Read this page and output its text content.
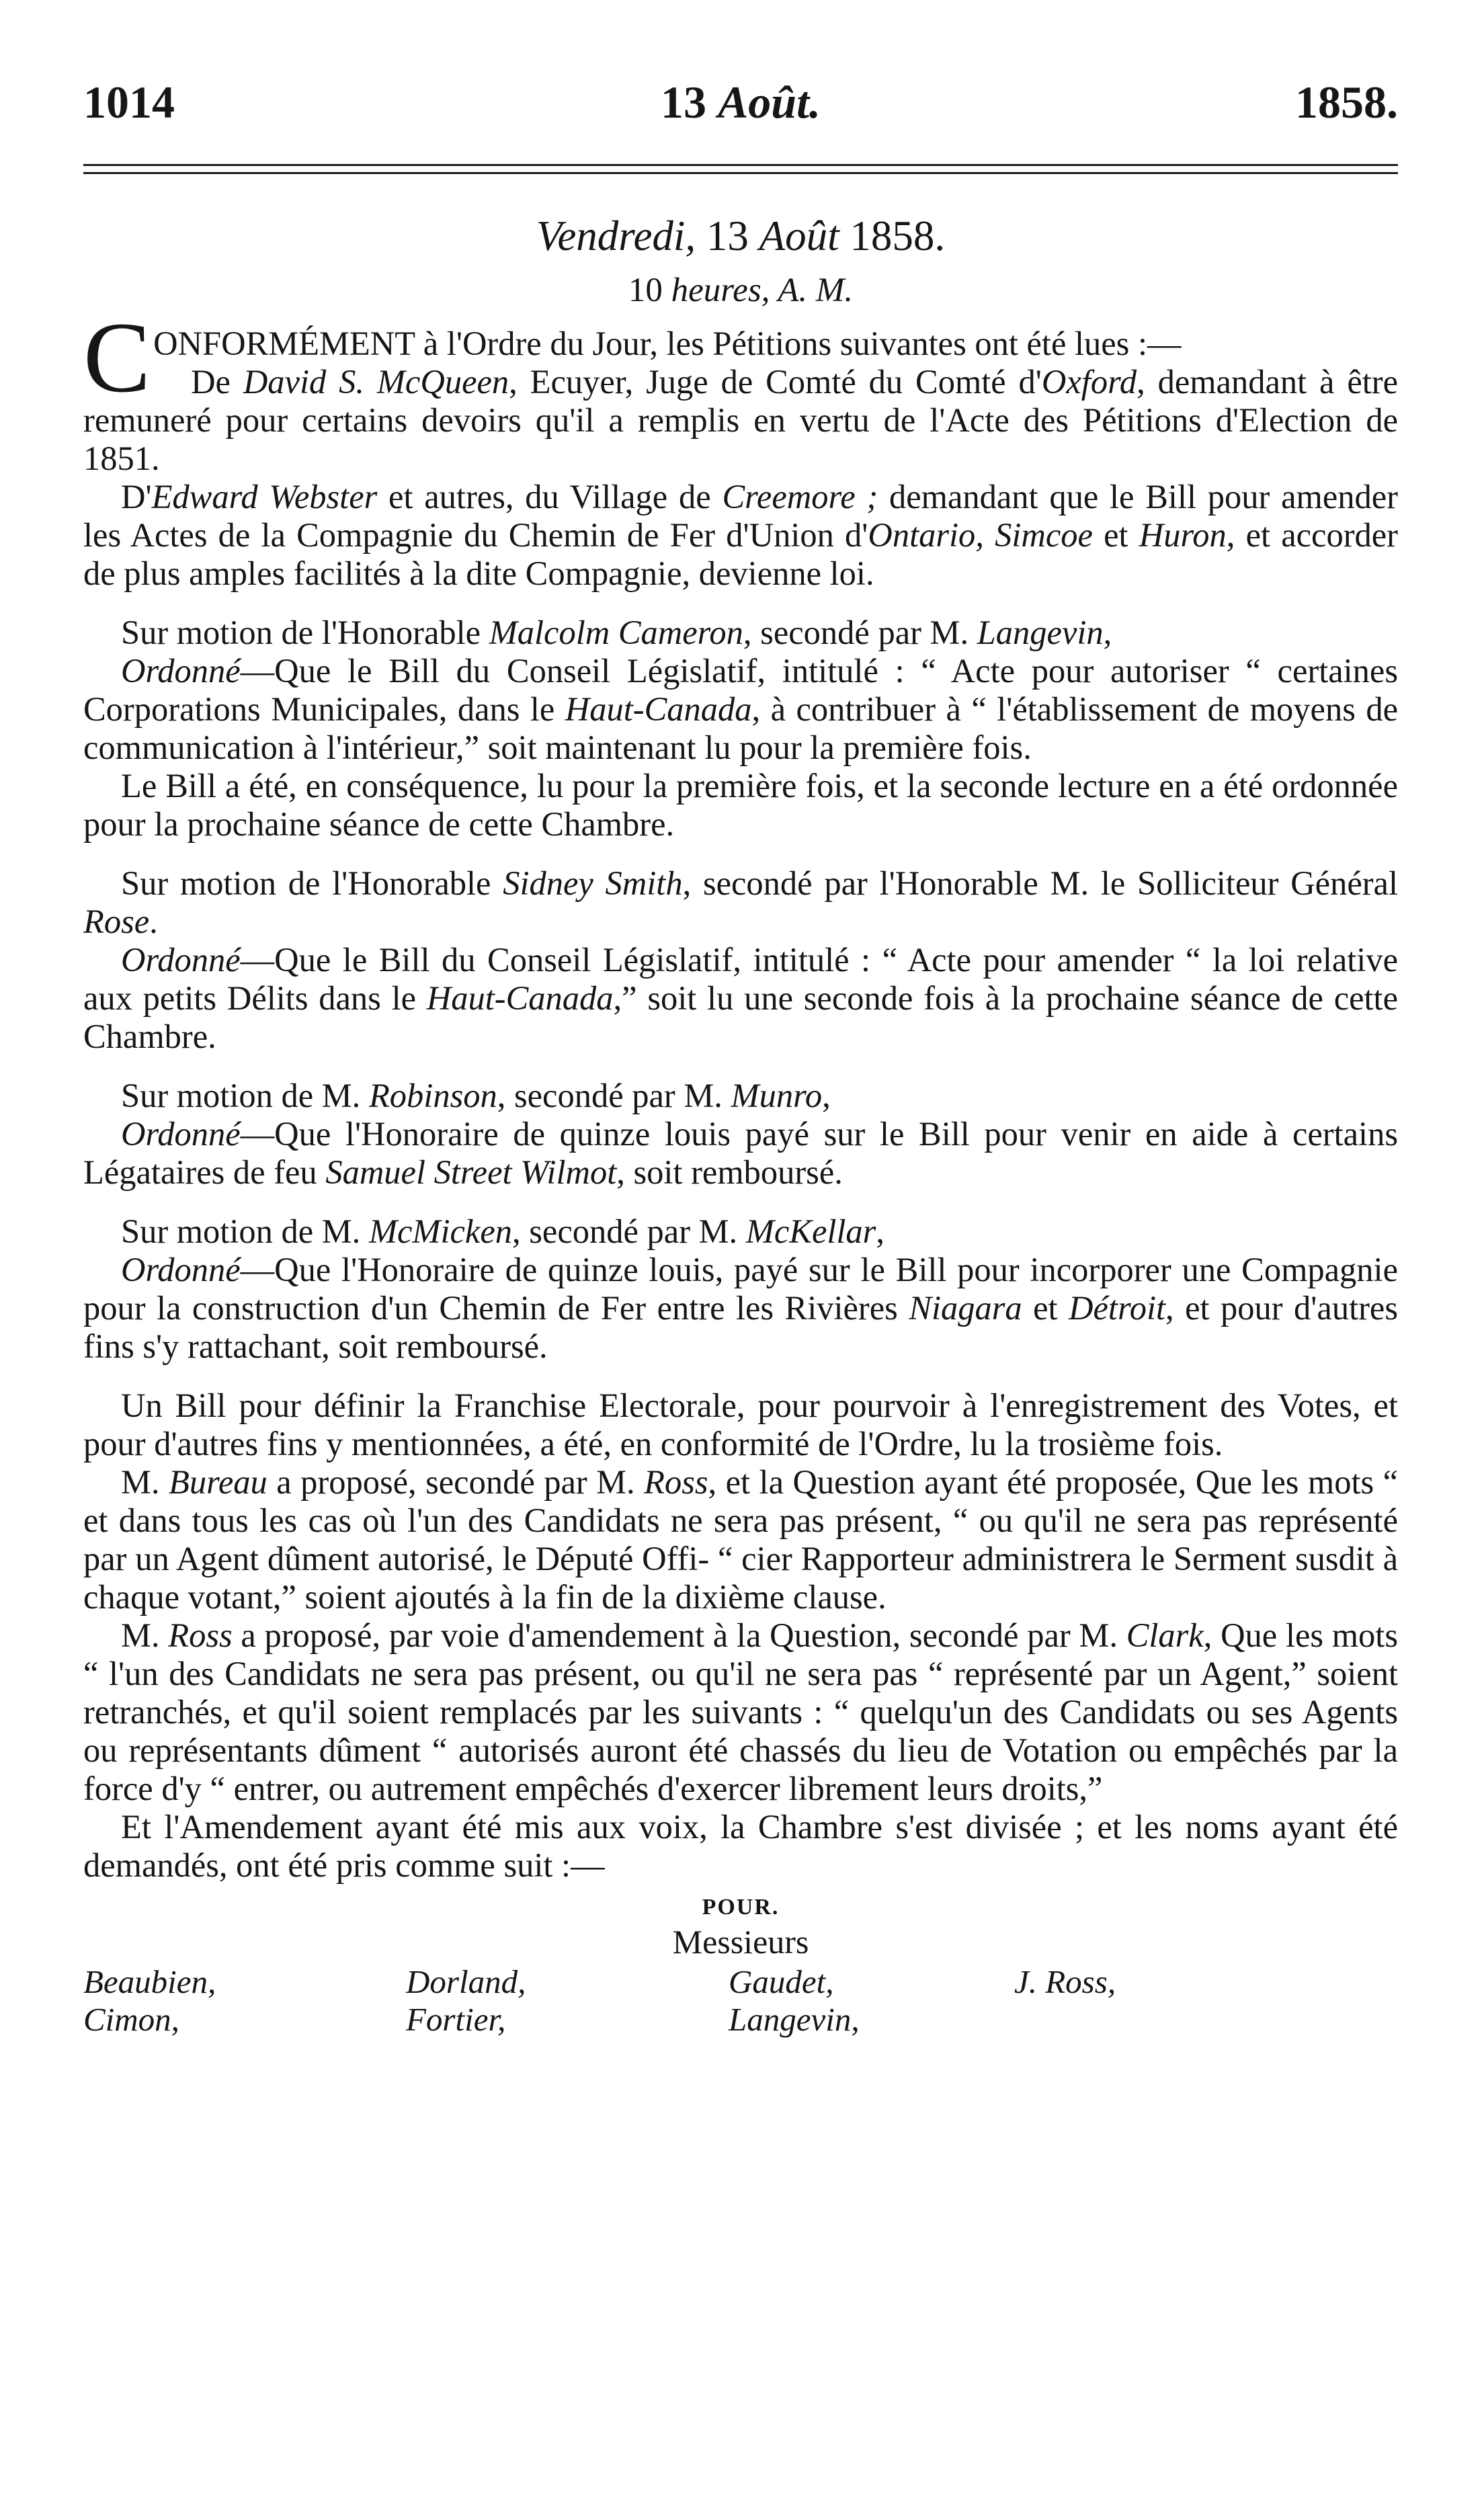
1014	13 Août.	1858.
Vendredi, 13 Août 1858.
10 heures, A. M.

CONFORMÉMENT à l'Ordre du Jour, les Pétitions suivantes ont été lues :—

De David S. McQueen, Ecuyer, Juge de Comté du Comté d'Oxford, demandant à être remuneré pour certains devoirs qu'il a remplis en vertu de l'Acte des Pétitions d'Election de 1851.

D'Edward Webster et autres, du Village de Creemore ; demandant que le Bill pour amender les Actes de la Compagnie du Chemin de Fer d'Union d'Ontario, Simcoe et Huron, et accorder de plus amples facilités à la dite Compagnie, devienne loi.

Sur motion de l'Honorable Malcolm Cameron, secondé par M. Langevin,

Ordonné—Que le Bill du Conseil Législatif, intitulé : “ Acte pour autoriser “ certaines Corporations Municipales, dans le Haut-Canada, à contribuer à “ l'établissement de moyens de communication à l'intérieur,” soit maintenant lu pour la première fois.

Le Bill a été, en conséquence, lu pour la première fois, et la seconde lecture en a été ordonnée pour la prochaine séance de cette Chambre.

Sur motion de l'Honorable Sidney Smith, secondé par l'Honorable M. le Solliciteur Général Rose.

Ordonné—Que le Bill du Conseil Législatif, intitulé : “ Acte pour amender “ la loi relative aux petits Délits dans le Haut-Canada,” soit lu une seconde fois à la prochaine séance de cette Chambre.

Sur motion de M. Robinson, secondé par M. Munro,

Ordonné—Que l'Honoraire de quinze louis payé sur le Bill pour venir en aide à certains Légataires de feu Samuel Street Wilmot, soit remboursé.

Sur motion de M. McMicken, secondé par M. McKellar,

Ordonné—Que l'Honoraire de quinze louis, payé sur le Bill pour incorporer une Compagnie pour la construction d'un Chemin de Fer entre les Rivières Niagara et Détroit, et pour d'autres fins s'y rattachant, soit remboursé.

Un Bill pour définir la Franchise Electorale, pour pourvoir à l'enregistrement des Votes, et pour d'autres fins y mentionnées, a été, en conformité de l'Ordre, lu la trosième fois.

M. Bureau a proposé, secondé par M. Ross, et la Question ayant été proposée, Que les mots “ et dans tous les cas où l'un des Candidats ne sera pas présent, “ ou qu'il ne sera pas représenté par un Agent dûment autorisé, le Député Offi- “ cier Rapporteur administrera le Serment susdit à chaque votant,” soient ajoutés à la fin de la dixième clause.

M. Ross a proposé, par voie d'amendement à la Question, secondé par M. Clark, Que les mots “ l'un des Candidats ne sera pas présent, ou qu'il ne sera pas “ représenté par un Agent,” soient retranchés, et qu'il soient remplacés par les suivants : “ quelqu'un des Candidats ou ses Agents ou représentants dûment “ autorisés auront été chassés du lieu de Votation ou empêchés par la force d'y “ entrer, ou autrement empêchés d'exercer librement leurs droits,”

Et l'Amendement ayant été mis aux voix, la Chambre s'est divisée ; et les noms ayant été demandés, ont été pris comme suit :—

POUR.
Messieurs
Beaubien,	Dorland,	Gaudet,	J. Ross,
Cimon,	Fortier,	Langevin,
